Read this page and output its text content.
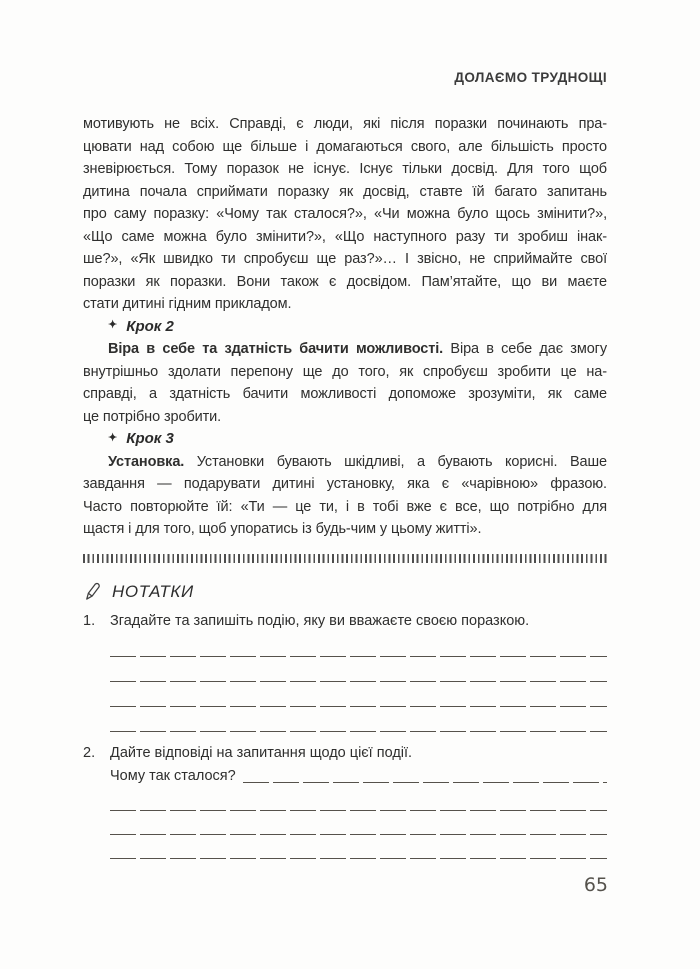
ДОЛАЄМО ТРУДНОЩІ
мотивують не всіх. Справді, є люди, які після поразки починають пра-
цювати над собою ще більше і домагаються свого, але більшість просто
зневірюється. Тому поразок не існує. Існує тільки досвід. Для того щоб
дитина почала сприймати поразку як досвід, ставте їй багато запитань
про саму поразку: «Чому так сталося?», «Чи можна було щось змінити?»,
«Що саме можна було змінити?», «Що наступного разу ти зробиш інак-
ше?», «Як швидко ти спробуєш ще раз?»… І звісно, не сприймайте свої
поразки як поразки. Вони також є досвідом. Пам’ятайте, що ви маєте
стати дитині гідним прикладом.
✦ Крок 2
Віра в себе та здатність бачити можливості. Віра в себе дає змогу
внутрішньо здолати перепону ще до того, як спробуєш зробити це на-
справді, а здатність бачити можливості допоможе зрозуміти, як саме
це потрібно зробити.
✦ Крок 3
Установка. Установки бувають шкідливі, а бувають корисні. Ваше
завдання — подарувати дитині установку, яка є «чарівною» фразою.
Часто повторюйте їй: «Ти — це ти, і в тобі вже є все, що потрібно для
щастя і для того, щоб упоратись із будь-чим у цьому житті».
НОТАТКИ
1.	Згадайте та запишіть подію, яку ви вважаєте своєю поразкою.
2.	Дайте відповіді на запитання щодо цієї події.
Чому так сталося?
65
